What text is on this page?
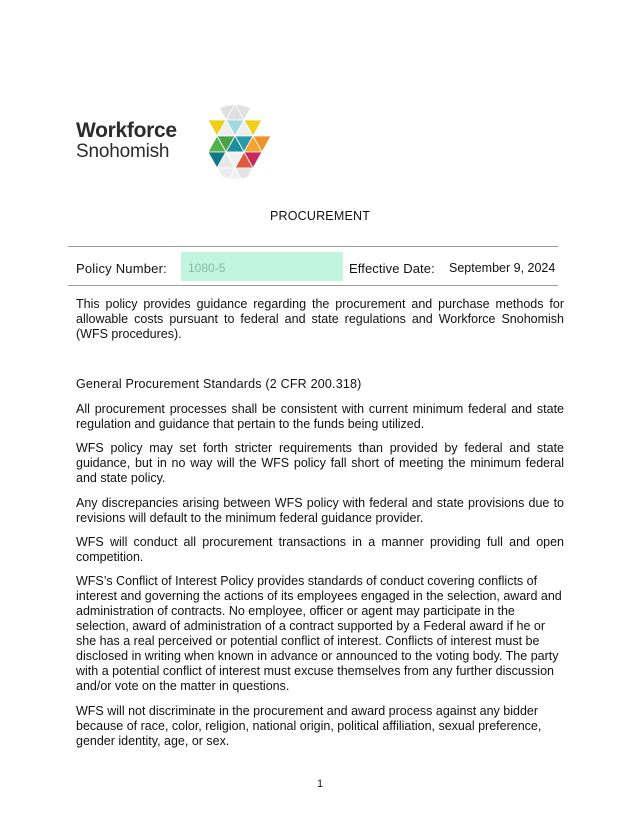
Workforce
Snohomish
PROCUREMENT
Policy Number: 1080-5	Effective Date: September 9, 2024

This policy provides guidance regarding the procurement and purchase methods for allowable costs pursuant to federal and state regulations and Workforce Snohomish (WFS procedures).

General Procurement Standards (2 CFR 200.318)

All procurement processes shall be consistent with current minimum federal and state regulation and guidance that pertain to the funds being utilized.

WFS policy may set forth stricter requirements than provided by federal and state guidance, but in no way will the WFS policy fall short of meeting the minimum federal and state policy.

Any discrepancies arising between WFS policy with federal and state provisions due to revisions will default to the minimum federal guidance provider.

WFS will conduct all procurement transactions in a manner providing full and open competition.

WFS’s Conflict of Interest Policy provides standards of conduct covering conflicts of interest and governing the actions of its employees engaged in the selection, award and administration of contracts. No employee, officer or agent may participate in the selection, award of administration of a contract supported by a Federal award if he or she has a real perceived or potential conflict of interest. Conflicts of interest must be disclosed in writing when known in advance or announced to the voting body. The party with a potential conflict of interest must excuse themselves from any further discussion and/or vote on the matter in questions.

WFS will not discriminate in the procurement and award process against any bidder because of race, color, religion, national origin, political affiliation, sexual preference, gender identity, age, or sex.

1
